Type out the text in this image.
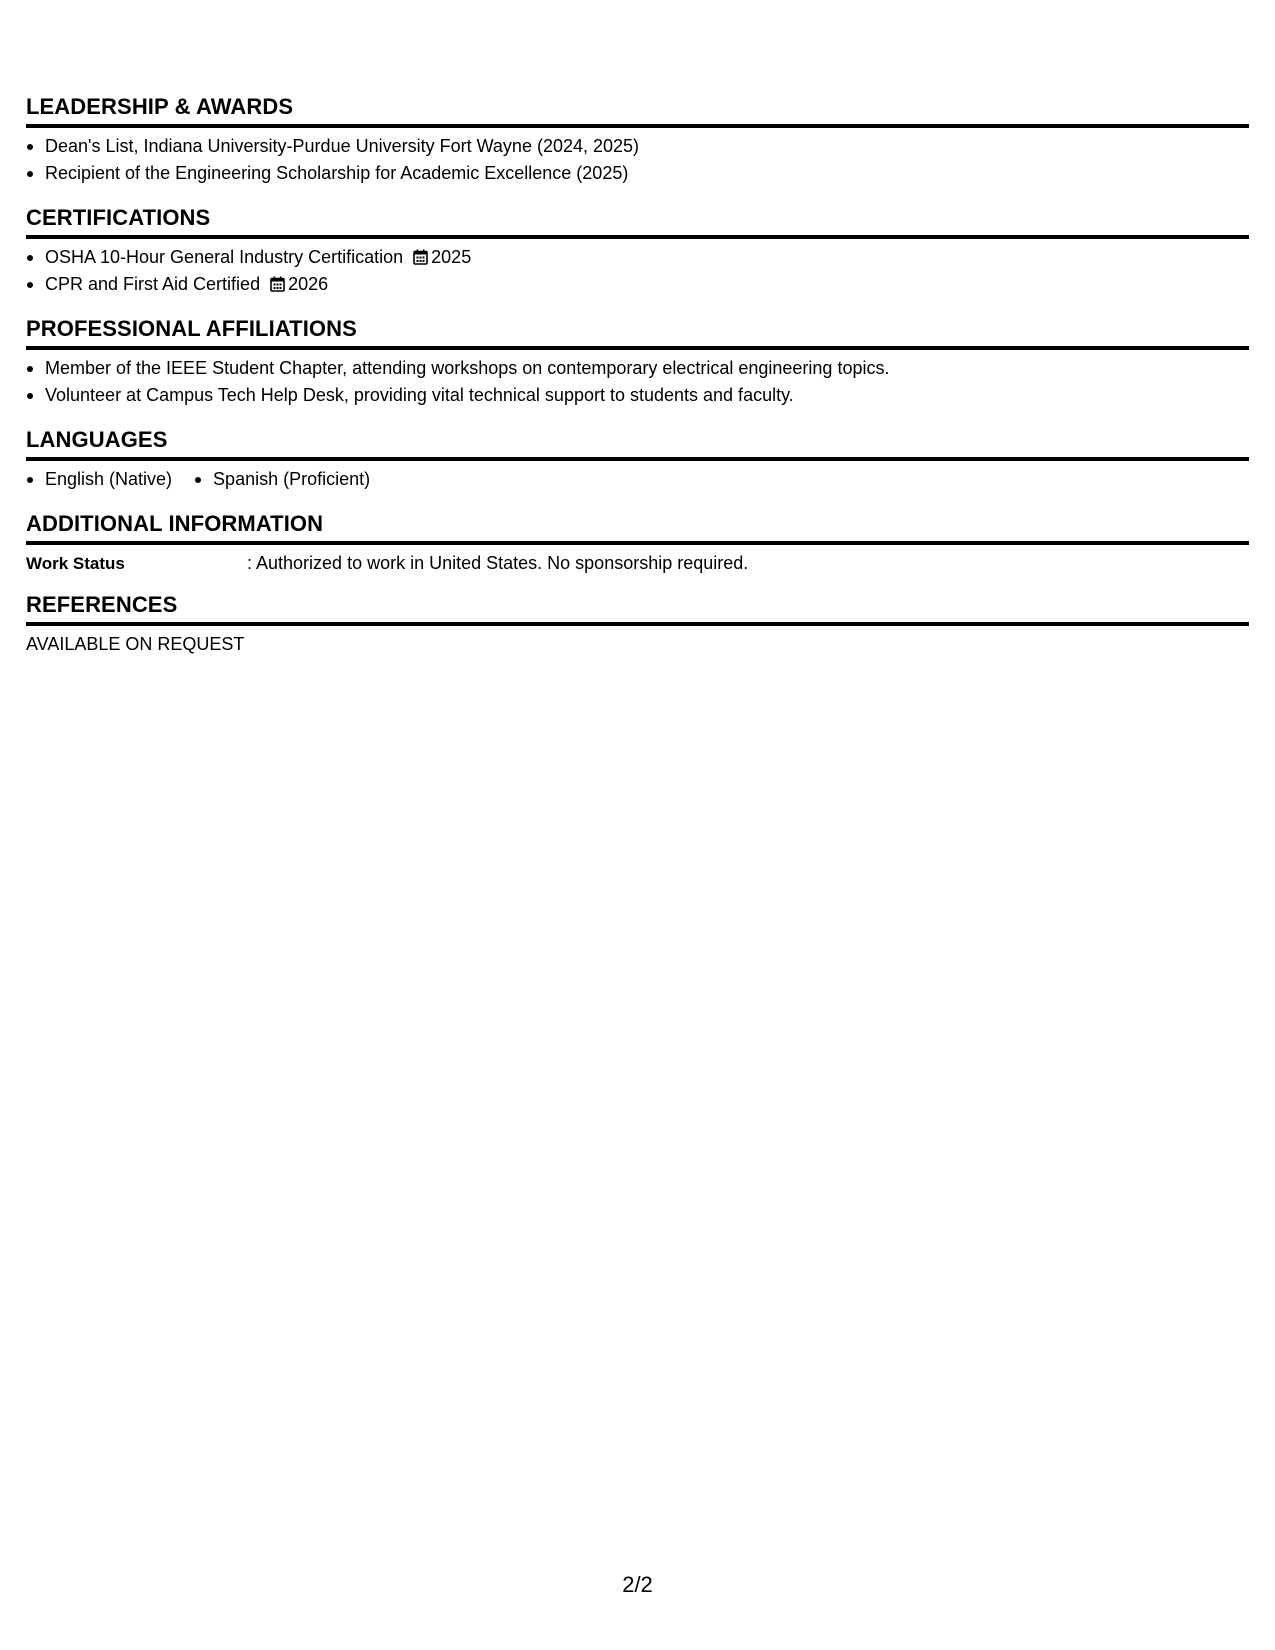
LEADERSHIP & AWARDS
Dean's List, Indiana University-Purdue University Fort Wayne (2024, 2025)
Recipient of the Engineering Scholarship for Academic Excellence (2025)
CERTIFICATIONS
OSHA 10-Hour General Industry Certification 2025
CPR and First Aid Certified 2026
PROFESSIONAL AFFILIATIONS
Member of the IEEE Student Chapter, attending workshops on contemporary electrical engineering topics.
Volunteer at Campus Tech Help Desk, providing vital technical support to students and faculty.
LANGUAGES
English (Native)	Spanish (Proficient)
ADDITIONAL INFORMATION
Work Status	: Authorized to work in United States. No sponsorship required.
REFERENCES
AVAILABLE ON REQUEST
2/2
